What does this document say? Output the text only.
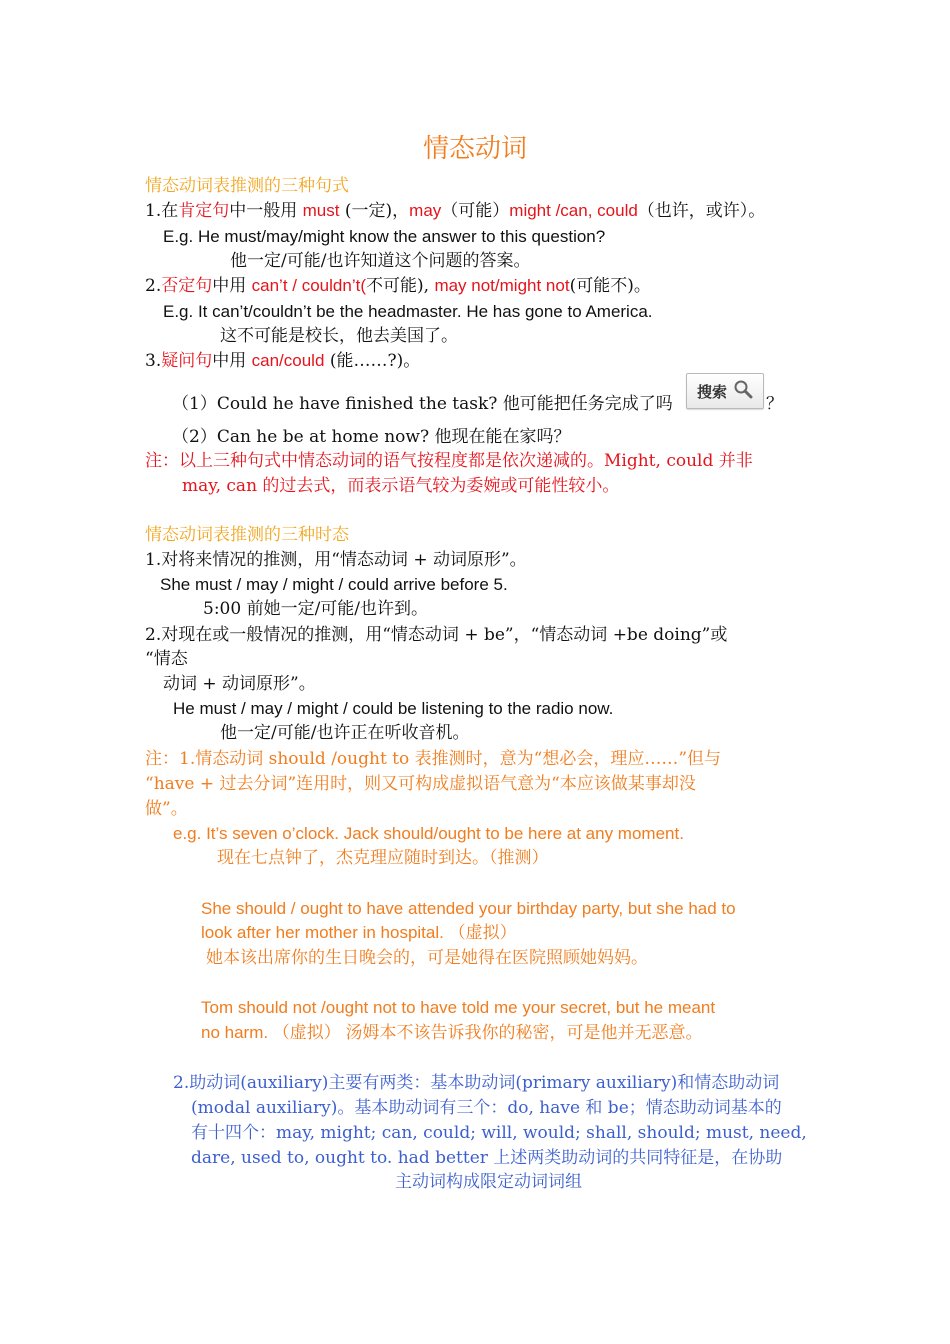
情态动词
情态动词表推测的三种句式
1.在肯定句中一般用 must (一定)，may（可能）might /can, could（也许，或许）。
E.g. He must/may/might know the answer to this question?
他一定/可能/也许知道这个问题的答案。
2.否定句中用 can’t / couldn’t(不可能), may not/might not(可能不)。
E.g. It can’t/couldn’t be the headmaster. He has gone to America.
这不可能是校长，他去美国了。
3.疑问句中用 can/could (能……?)。
（1）Could he have finished the task? 他可能把任务完成了吗
搜索
？
（2）Can he be at home now? 他现在能在家吗？
注：以上三种句式中情态动词的语气按程度都是依次递减的。Might, could 并非
may, can 的过去式，而表示语气较为委婉或可能性较小。
情态动词表推测的三种时态
1.对将来情况的推测，用“情态动词 + 动词原形”。
She must / may / might / could arrive before 5.
5:00 前她一定/可能/也许到。
2.对现在或一般情况的推测，用“情态动词 + be”，“情态动词 +be doing”或
“情态
动词 + 动词原形”。
He must / may / might / could be listening to the radio now.
他一定/可能/也许正在听收音机。
注：1.情态动词 should /ought to 表推测时，意为“想必会，理应……”但与
“have + 过去分词”连用时，则又可构成虚拟语气意为“本应该做某事却没
做”。
e.g. It’s seven o’clock. Jack should/ought to be here at any moment.
现在七点钟了，杰克理应随时到达。（推测）
She should / ought to have attended your birthday party, but she had to
look after her mother in hospital. （虚拟）
她本该出席你的生日晚会的，可是她得在医院照顾她妈妈。
Tom should not /ought not to have told me your secret, but he meant
no harm. （虚拟） 汤姆本不该告诉我你的秘密，可是他并无恶意。
2.助动词(auxiliary)主要有两类：基本助动词(primary auxiliary)和情态助动词
(modal auxiliary)。基本助动词有三个：do, have 和 be；情态助动词基本的
有十四个：may, might; can, could; will, would; shall, should; must, need,
dare, used to, ought to. had better 上述两类助动词的共同特征是，在协助
主动词构成限定动词词组
